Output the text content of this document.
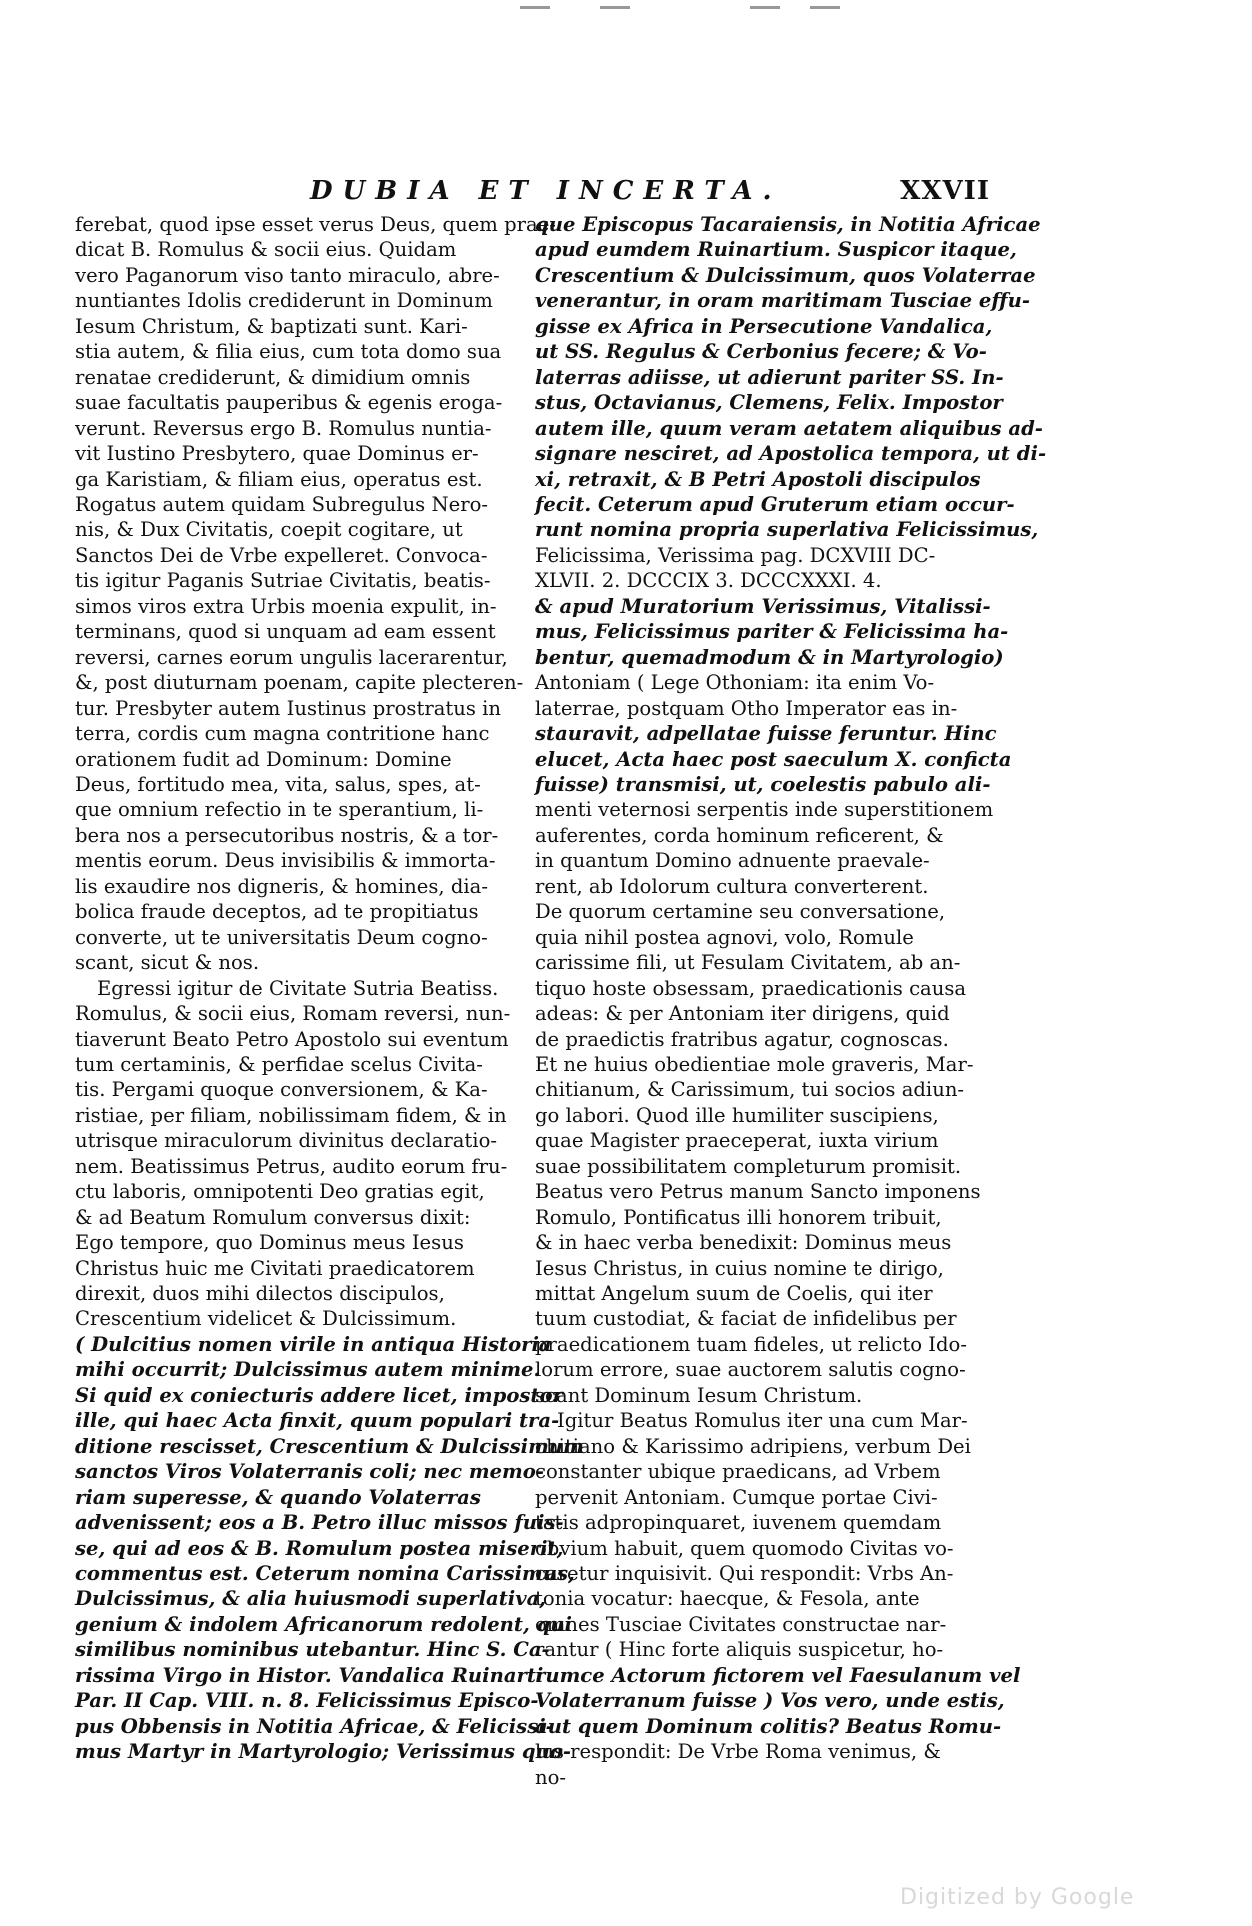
DUBIA ET INCERTA.	XXVII

ferebat, quod ipse esset verus Deus, quem prae-

dicat B. Romulus & socii eius. Quidam

vero Paganorum viso tanto miraculo, abre-

nuntiantes Idolis crediderunt in Dominum

Iesum Christum, & baptizati sunt. Kari-

stia autem, & filia eius, cum tota domo sua

renatae crediderunt, & dimidium omnis

suae facultatis pauperibus & egenis eroga-

verunt. Reversus ergo B. Romulus nuntia-

vit Iustino Presbytero, quae Dominus er-

ga Karistiam, & filiam eius, operatus est.

Rogatus autem quidam Subregulus Nero-

nis, & Dux Civitatis, coepit cogitare, ut

Sanctos Dei de Vrbe expelleret. Convoca-

tis igitur Paganis Sutriae Civitatis, beatis-

simos viros extra Urbis moenia expulit, in-

terminans, quod si unquam ad eam essent

reversi, carnes eorum ungulis lacerarentur,

&, post diuturnam poenam, capite plecteren-

tur. Presbyter autem Iustinus prostratus in

terra, cordis cum magna contritione hanc

orationem fudit ad Dominum: Domine

Deus, fortitudo mea, vita, salus, spes, at-

que omnium refectio in te sperantium, li-

bera nos a persecutoribus nostris, & a tor-

mentis eorum. Deus invisibilis & immorta-

lis exaudire nos digneris, & homines, dia-

bolica fraude deceptos, ad te propitiatus

converte, ut te universitatis Deum cogno-

scant, sicut & nos.

Egressi igitur de Civitate Sutria Beatiss.

Romulus, & socii eius, Romam reversi, nun-

tiaverunt Beato Petro Apostolo sui eventum

tum certaminis, & perfidae scelus Civita-

tis. Pergami quoque conversionem, & Ka-

ristiae, per filiam, nobilissimam fidem, & in

utrisque miraculorum divinitus declaratio-

nem. Beatissimus Petrus, audito eorum fru-

ctu laboris, omnipotenti Deo gratias egit,

& ad Beatum Romulum conversus dixit:

Ego tempore, quo Dominus meus Iesus

Christus huic me Civitati praedicatorem

direxit, duos mihi dilectos discipulos,

Crescentium videlicet & Dulcissimum.

( Dulcitius nomen virile in antiqua Historia

mihi occurrit; Dulcissimus autem minime.

Si quid ex coniecturis addere licet, impostor

ille, qui haec Acta finxit, quum populari tra-

ditione rescisset, Crescentium & Dulcissimum

sanctos Viros Volaterranis coli; nec memo-

riam superesse, & quando Volaterras

advenissent; eos a B. Petro illuc missos fuis-

se, qui ad eos & B. Romulum postea miserit,

commentus est. Ceterum nomina Carissimus,

Dulcissimus, & alia huiusmodi superlativa,

genium & indolem Africanorum redolent, qui

similibus nominibus utebantur. Hinc S. Ca-

rissima Virgo in Histor. Vandalica Ruinarti

Par. II Cap. VIII. n. 8. Felicissimus Episco-

pus Obbensis in Notitia Africae, & Felicissi-

mus Martyr in Martyrologio; Verissimus quo-

que Episcopus Tacaraiensis, in Notitia Africae

apud eumdem Ruinartium. Suspicor itaque,

Crescentium & Dulcissimum, quos Volaterrae

venerantur, in oram maritimam Tusciae effu-

gisse ex Africa in Persecutione Vandalica,

ut SS. Regulus & Cerbonius fecere; & Vo-

laterras adiisse, ut adierunt pariter SS. In-

stus, Octavianus, Clemens, Felix. Impostor

autem ille, quum veram aetatem aliquibus ad-

signare nesciret, ad Apostolica tempora, ut di-

xi, retraxit, & B Petri Apostoli discipulos

fecit. Ceterum apud Gruterum etiam occur-

runt nomina propria superlativa Felicissimus,

Felicissima, Verissima pag. DCXVIII DC-

XLVII. 2. DCCCIX 3. DCCCXXXI. 4.

& apud Muratorium Verissimus, Vitalissi-

mus, Felicissimus pariter & Felicissima ha-

bentur, quemadmodum & in Martyrologio)

Antoniam ( Lege Othoniam: ita enim Vo-

laterrae, postquam Otho Imperator eas in-

stauravit, adpellatae fuisse feruntur. Hinc

elucet, Acta haec post saeculum X. conficta

fuisse) transmisi, ut, coelestis pabulo ali-

menti veternosi serpentis inde superstitionem

auferentes, corda hominum reficerent, &

in quantum Domino adnuente praevale-

rent, ab Idolorum cultura converterent.

De quorum certamine seu conversatione,

quia nihil postea agnovi, volo, Romule

carissime fili, ut Fesulam Civitatem, ab an-

tiquo hoste obsessam, praedicationis causa

adeas: & per Antoniam iter dirigens, quid

de praedictis fratribus agatur, cognoscas.

Et ne huius obedientiae mole graveris, Mar-

chitianum, & Carissimum, tui socios adiun-

go labori. Quod ille humiliter suscipiens,

quae Magister praeceperat, iuxta virium

suae possibilitatem completurum promisit.

Beatus vero Petrus manum Sancto imponens

Romulo, Pontificatus illi honorem tribuit,

& in haec verba benedixit: Dominus meus

Iesus Christus, in cuius nomine te dirigo,

mittat Angelum suum de Coelis, qui iter

tuum custodiat, & faciat de infidelibus per

praedicationem tuam fideles, ut relicto Ido-

lorum errore, suae auctorem salutis cogno-

scant Dominum Iesum Christum.

Igitur Beatus Romulus iter una cum Mar-

chitiano & Karissimo adripiens, verbum Dei

constanter ubique praedicans, ad Vrbem

pervenit Antoniam. Cumque portae Civi-

tatis adpropinquaret, iuvenem quemdam

obvium habuit, quem quomodo Civitas vo-

caretur inquisivit. Qui respondit: Vrbs An-

tonia vocatur: haecque, & Fesola, ante

omnes Tusciae Civitates constructae nar-

rantur ( Hinc forte aliquis suspicetur, ho-

rumce Actorum fictorem vel Faesulanum vel

Volaterranum fuisse ) Vos vero, unde estis,

aut quem Dominum colitis? Beatus Romu-

lus respondit: De Vrbe Roma venimus, &

no-

Digitized by Google
